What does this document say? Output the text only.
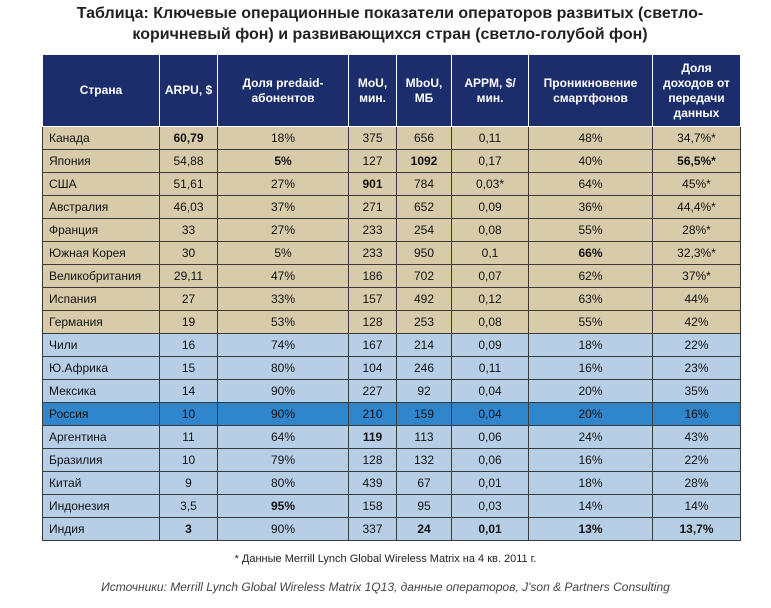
Таблица: Ключевые операционные показатели операторов развитых (светло-коричневый фон) и развивающихся стран (светло-голубой фон)
Страна	ARPU, $	Доля predaid-абонентов	MoU, мин.	MboU, МБ	APPM, $/мин.	Проникновение смартфонов	Доля доходов от передачи данных
Канада	60,79	18%	375	656	0,11	48%	34,7%*
Япония	54,88	5%	127	1092	0,17	40%	56,5%*
США	51,61	27%	901	784	0,03*	64%	45%*
Австралия	46,03	37%	271	652	0,09	36%	44,4%*
Франция	33	27%	233	254	0,08	55%	28%*
Южная Корея	30	5%	233	950	0,1	66%	32,3%*
Великобритания	29,11	47%	186	702	0,07	62%	37%*
Испания	27	33%	157	492	0,12	63%	44%
Германия	19	53%	128	253	0,08	55%	42%
Чили	16	74%	167	214	0,09	18%	22%
Ю.Африка	15	80%	104	246	0,11	16%	23%
Мексика	14	90%	227	92	0,04	20%	35%
Россия	10	90%	210	159	0,04	20%	16%
Аргентина	11	64%	119	113	0,06	24%	43%
Бразилия	10	79%	128	132	0,06	16%	22%
Китай	9	80%	439	67	0,01	18%	28%
Индонезия	3,5	95%	158	95	0,03	14%	14%
Индия	3	90%	337	24	0,01	13%	13,7%
* Данные Merrill Lynch Global Wireless Matrix на 4 кв. 2011 г.
Источники: Merrill Lynch Global Wireless Matrix 1Q13, данные операторов, J'son & Partners Consulting
